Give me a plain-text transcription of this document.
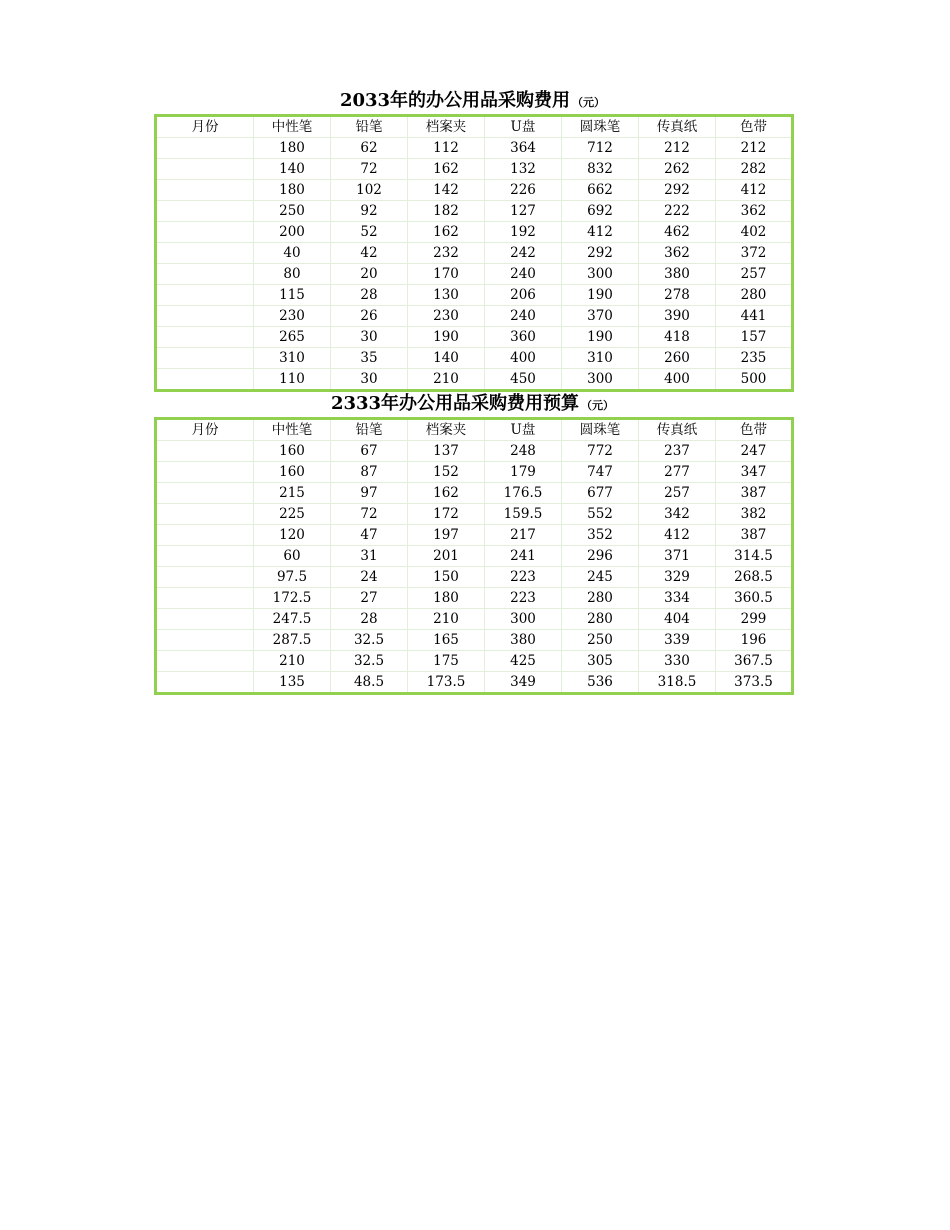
2033年的办公用品采购费用 （元）
月份	中性笔	铅笔	档案夹	U盘	圆珠笔	传真纸	色带
	180	62	112	364	712	212	212
	140	72	162	132	832	262	282
	180	102	142	226	662	292	412
	250	92	182	127	692	222	362
	200	52	162	192	412	462	402
	40	42	232	242	292	362	372
	80	20	170	240	300	380	257
	115	28	130	206	190	278	280
	230	26	230	240	370	390	441
	265	30	190	360	190	418	157
	310	35	140	400	310	260	235
	110	30	210	450	300	400	500
2333年办公用品采购费用预算 （元）
月份	中性笔	铅笔	档案夹	U盘	圆珠笔	传真纸	色带
	160	67	137	248	772	237	247
	160	87	152	179	747	277	347
	215	97	162	176.5	677	257	387
	225	72	172	159.5	552	342	382
	120	47	197	217	352	412	387
	60	31	201	241	296	371	314.5
	97.5	24	150	223	245	329	268.5
	172.5	27	180	223	280	334	360.5
	247.5	28	210	300	280	404	299
	287.5	32.5	165	380	250	339	196
	210	32.5	175	425	305	330	367.5
	135	48.5	173.5	349	536	318.5	373.5
